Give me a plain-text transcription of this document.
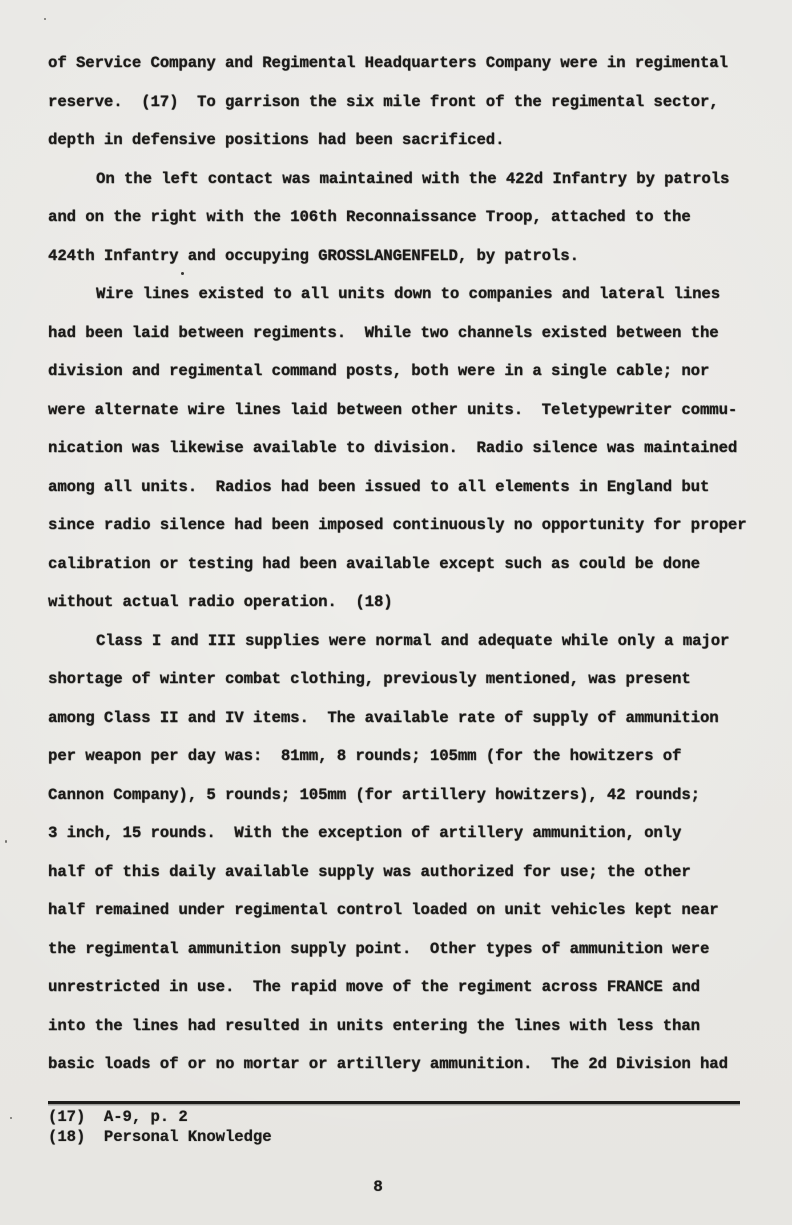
of Service Company and Regimental Headquarters Company were in regimental
reserve.  (17)  To garrison the six mile front of the regimental sector,
depth in defensive positions had been sacrificed.
On the left contact was maintained with the 422d Infantry by patrols
and on the right with the 106th Reconnaissance Troop, attached to the
424th Infantry and occupying GROSSLANGENFELD, by patrols.
Wire lines existed to all units down to companies and lateral lines
had been laid between regiments.  While two channels existed between the
division and regimental command posts, both were in a single cable; nor
were alternate wire lines laid between other units.  Teletypewriter commu-
nication was likewise available to division.  Radio silence was maintained
among all units.  Radios had been issued to all elements in England but
since radio silence had been imposed continuously no opportunity for proper
calibration or testing had been available except such as could be done
without actual radio operation.  (18)
Class I and III supplies were normal and adequate while only a major
shortage of winter combat clothing, previously mentioned, was present
among Class II and IV items.  The available rate of supply of ammunition
per weapon per day was:  81mm, 8 rounds; 105mm (for the howitzers of
Cannon Company), 5 rounds; 105mm (for artillery howitzers), 42 rounds;
3 inch, 15 rounds.  With the exception of artillery ammunition, only
half of this daily available supply was authorized for use; the other
half remained under regimental control loaded on unit vehicles kept near
the regimental ammunition supply point.  Other types of ammunition were
unrestricted in use.  The rapid move of the regiment across FRANCE and
into the lines had resulted in units entering the lines with less than
basic loads of or no mortar or artillery ammunition.  The 2d Division had
(17)  A-9, p. 2
(18)  Personal Knowledge
8
